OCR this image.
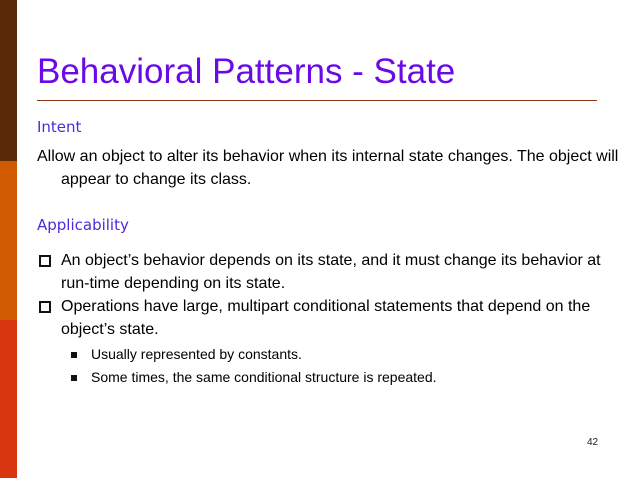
Behavioral Patterns - State
Intent

Allow an object to alter its behavior when its internal state changes. The object will appear to change its class.

Applicability
An object’s behavior depends on its state, and it must change its behavior at run-time depending on its state.
Operations have large, multipart conditional statements that depend on the object’s state.
Usually represented by constants.
Some times, the same conditional structure is repeated.
42
